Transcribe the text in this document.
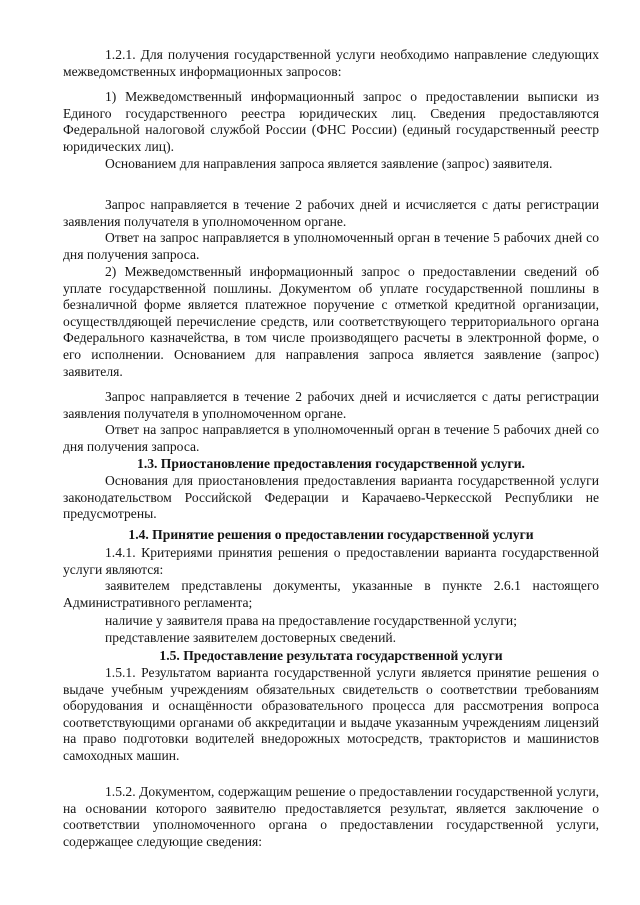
1.2.1. Для получения государственной услуги необходимо направление следующих межведомственных информационных запросов:

1) Межведомственный информационный запрос о предоставлении выписки из Единого государственного реестра юридических лиц. Сведения предоставляются Федеральной налоговой службой России (ФНС России) (единый государственный реестр юридических лиц).

Основанием для направления запроса является заявление (запрос) заявителя.

Запрос направляется в течение 2 рабочих дней и исчисляется с даты регистрации заявления получателя в уполномоченном органе.

Ответ на запрос направляется в уполномоченный орган в течение 5 рабочих дней со дня получения запроса.

2) Межведомственный информационный запрос о предоставлении сведений об уплате государственной пошлины. Документом об уплате государственной пошлины в безналичной форме является платежное поручение с отметкой кредитной организации, осуществлдяющей перечисление средств, или соответствующего территориального органа Федерального казначейства, в том числе производящего расчеты в электронной форме, о его исполнении. Основанием для направления запроса является заявление (запрос) заявителя.

Запрос направляется в течение 2 рабочих дней и исчисляется с даты регистрации заявления получателя в уполномоченном органе.

Ответ на запрос направляется в уполномоченный орган в течение 5 рабочих дней со дня получения запроса.

1.3. Приостановление предоставления государственной услуги.

Основания для приостановления предоставления варианта государственной услуги законодательством Российской Федерации и Карачаево-Черкесской Республики не предусмотрены.

1.4. Принятие решения о предоставлении государственной услуги

1.4.1. Критериями принятия решения о предоставлении варианта государственной услуги являются:

заявителем представлены документы, указанные в пункте 2.6.1 настоящего Административного регламента;

наличие у заявителя права на предоставление государственной услуги;

представление заявителем достоверных сведений.

1.5. Предоставление результата государственной услуги

1.5.1. Результатом варианта государственной услуги является принятие решения о выдаче учебным учреждениям обязательных свидетельств о соответствии требованиям оборудования и оснащённости образовательного процесса для рассмотрения вопроса соответствующими органами об аккредитации и выдаче указанным учреждениям лицензий на право подготовки водителей внедорожных мотосредств, трактористов и машинистов самоходных машин.

1.5.2. Документом, содержащим решение о предоставлении государственной услуги, на основании которого заявителю предоставляется результат, является заключение о соответствии уполномоченного органа о предоставлении государственной услуги, содержащее следующие сведения:
